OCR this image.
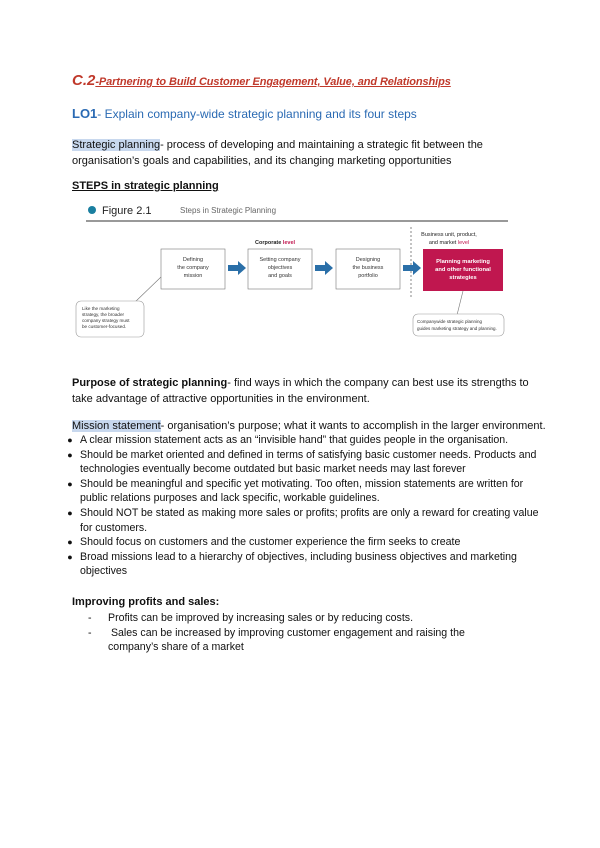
C.2-Partnering to Build Customer Engagement, Value, and Relationships
LO1- Explain company-wide strategic planning and its four steps
Strategic planning- process of developing and maintaining a strategic fit between the organisation’s goals and capabilities, and its changing marketing opportunities
STEPS in strategic planning
Figure 2.1	Steps in Strategic Planning
Corporate level
Business unit, product,
and market level
Defining
the company
mission
Setting company
objectives
and goals
Designing
the business
portfolio
Planning marketing
and other functional
strategies
Like the marketing
strategy, the broader
company strategy must
be customer-focused.
Companywide strategic planning
guides marketing strategy and planning.
Purpose of strategic planning- find ways in which the company can best use its strengths to take advantage of attractive opportunities in the environment.
Mission statement- organisation’s purpose; what it wants to accomplish in the larger environment.
● A clear mission statement acts as an “invisible hand” that guides people in the organisation.
● Should be market oriented and defined in terms of satisfying basic customer needs. Products and technologies eventually become outdated but basic market needs may last forever
● Should be meaningful and specific yet motivating. Too often, mission statements are written for public relations purposes and lack specific, workable guidelines.
● Should NOT be stated as making more sales or profits; profits are only a reward for creating value for customers.
● Should focus on customers and the customer experience the firm seeks to create
● Broad missions lead to a hierarchy of objectives, including business objectives and marketing objectives
Improving profits and sales:
-	Profits can be improved by increasing sales or by reducing costs.
-	Sales can be increased by improving customer engagement and raising the company’s share of a market
